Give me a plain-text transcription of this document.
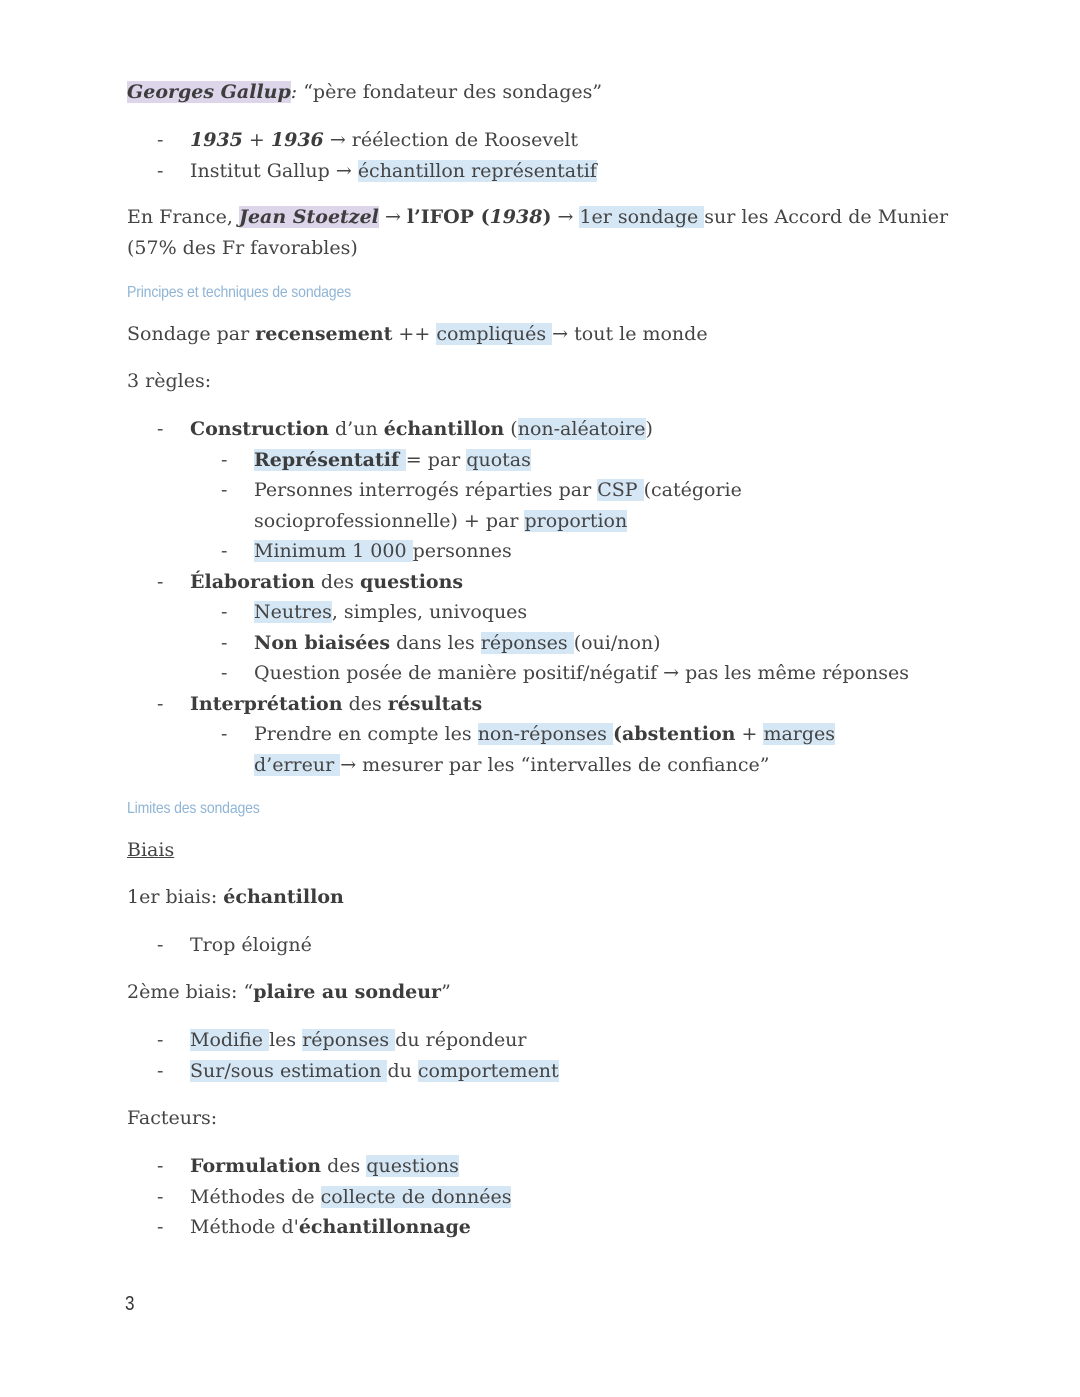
Georges Gallup: “père fondateur des sondages”
- 1935 + 1936 → réélection de Roosevelt
- Institut Gallup → échantillon représentatif
En France, Jean Stoetzel → l’IFOP (1938) → 1er sondage sur les Accord de Munier (57% des Fr favorables)
Principes et techniques de sondages
Sondage par recensement ++ compliqués → tout le monde
3 règles:
- Construction d’un échantillon (non-aléatoire)
- Représentatif = par quotas
- Personnes interrogés réparties par CSP (catégorie socioprofessionnelle) + par proportion
- Minimum 1 000 personnes
- Élaboration des questions
- Neutres, simples, univoques
- Non biaisées dans les réponses (oui/non)
- Question posée de manière positif/négatif → pas les même réponses
- Interprétation des résultats
- Prendre en compte les non-réponses (abstention + marges d’erreur → mesurer par les “intervalles de confiance”
Limites des sondages
Biais
1er biais: échantillon
- Trop éloigné
2ème biais: “plaire au sondeur”
- Modifie les réponses du répondeur
- Sur/sous estimation du comportement
Facteurs:
- Formulation des questions
- Méthodes de collecte de données
- Méthode d'échantillonnage
3
